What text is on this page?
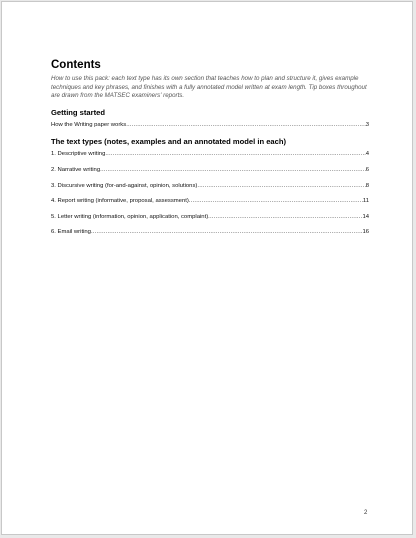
Contents

How to use this pack: each text type has its own section that teaches how to plan and structure it, gives example techniques and key phrases, and finishes with a fully annotated model written at exam length. Tip boxes throughout are drawn from the MATSEC examiners' reports.

Getting started
How the Writing paper works .....	3
The text types (notes, examples and an annotated model in each)
1. Descriptive writing .....	4
2. Narrative writing .....	6
3. Discursive writing (for-and-against, opinion, solutions) .....	8
4. Report writing (informative, proposal, assessment) .....	11
5. Letter writing (information, opinion, application, complaint) .....	14
6. Email writing .....	16
2
